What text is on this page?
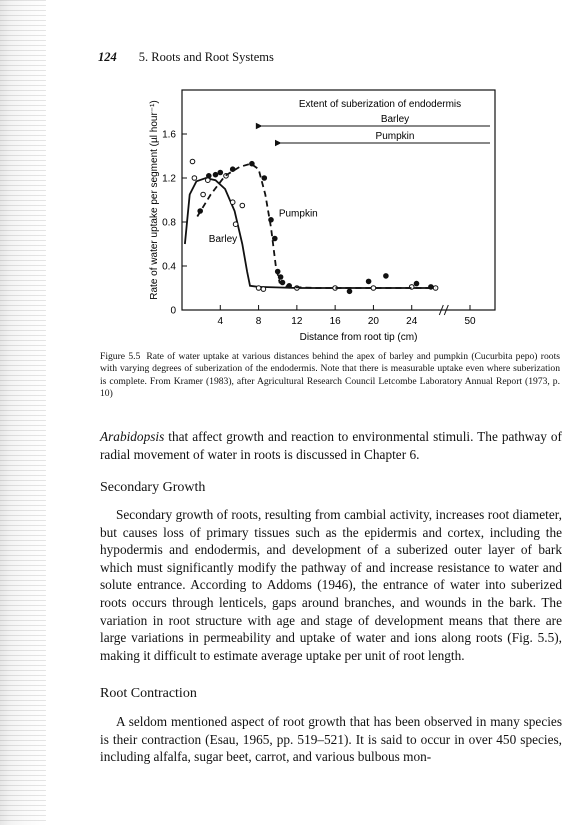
124 5. Roots and Root Systems
4	8	12	16	20	24	50
0
0.4
0.8
1.2
1.6
Distance from root tip (cm)
Rate of water uptake per segment (µl hour⁻¹)	Extent of suberization of endodermis
Barley
Pumpkin
Barley
Pumpkin
Figure 5.5 Rate of water uptake at various distances behind the apex of barley and pumpkin (Cucurbita pepo) roots with varying degrees of suberization of the endodermis. Note that there is measurable uptake even where suberization is complete. From Kramer (1983), after Agricultural Research Council Letcombe Laboratory Annual Report (1973, p. 10)

Arabidopsis that affect growth and reaction to environmental stimuli. The pathway of radial movement of water in roots is discussed in Chapter 6.

Secondary Growth

Secondary growth of roots, resulting from cambial activity, increases root diameter, but causes loss of primary tissues such as the epidermis and cortex, including the hypodermis and endodermis, and development of a suberized outer layer of bark which must significantly modify the pathway of and increase resistance to water and solute entrance. According to Addoms (1946), the entrance of water into suberized roots occurs through lenticels, gaps around branches, and wounds in the bark. The variation in root structure with age and stage of development means that there are large variations in permeability and uptake of water and ions along roots (Fig. 5.5), making it difficult to estimate average uptake per unit of root length.

Root Contraction

A seldom mentioned aspect of root growth that has been observed in many species is their contraction (Esau, 1965, pp. 519–521). It is said to occur in over 450 species, including alfalfa, sugar beet, carrot, and various bulbous mon-
